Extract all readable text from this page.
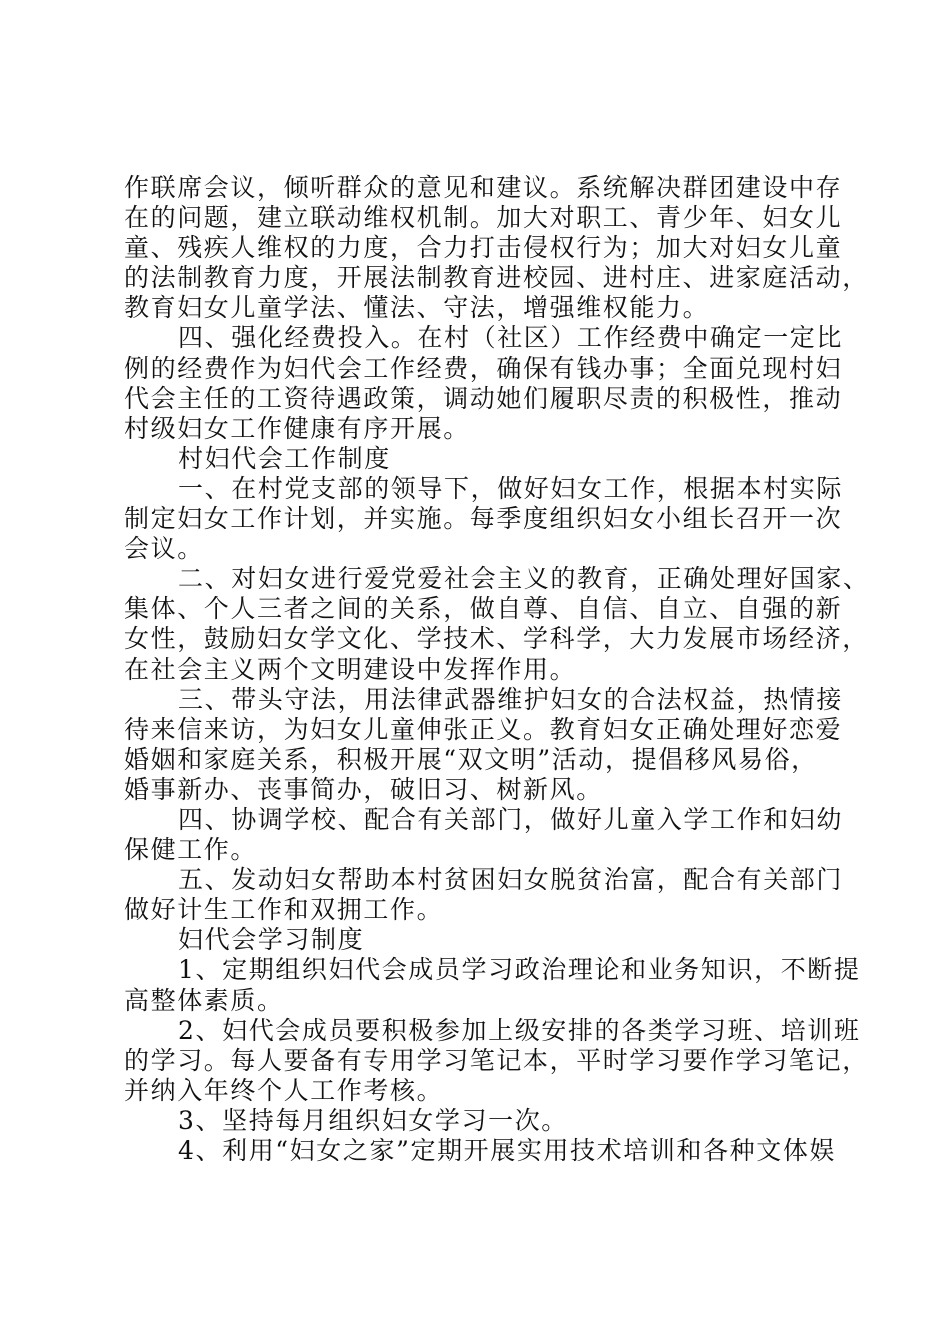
作联席会议，倾听群众的意见和建议。系统解决群团建设中存
在的问题，建立联动维权机制。加大对职工、青少年、妇女儿
童、残疾人维权的力度，合力打击侵权行为；加大对妇女儿童
的法制教育力度，开展法制教育进校园、进村庄、进家庭活动，
教育妇女儿童学法、懂法、守法，增强维权能力。
四、强化经费投入。在村（社区）工作经费中确定一定比
例的经费作为妇代会工作经费，确保有钱办事；全面兑现村妇
代会主任的工资待遇政策，调动她们履职尽责的积极性，推动
村级妇女工作健康有序开展。
村妇代会工作制度
一、在村党支部的领导下，做好妇女工作，根据本村实际
制定妇女工作计划，并实施。每季度组织妇女小组长召开一次
会议。
二、对妇女进行爱党爱社会主义的教育，正确处理好国家、
集体、个人三者之间的关系，做自尊、自信、自立、自强的新
女性，鼓励妇女学文化、学技术、学科学，大力发展市场经济，
在社会主义两个文明建设中发挥作用。
三、带头守法，用法律武器维护妇女的合法权益，热情接
待来信来访，为妇女儿童伸张正义。教育妇女正确处理好恋爱
婚姻和家庭关系，积极开展“双文明”活动，提倡移风易俗，
婚事新办、丧事简办，破旧习、树新风。
四、协调学校、配合有关部门，做好儿童入学工作和妇幼
保健工作。
五、发动妇女帮助本村贫困妇女脱贫治富，配合有关部门
做好计生工作和双拥工作。
妇代会学习制度
1、定期组织妇代会成员学习政治理论和业务知识，不断提
高整体素质。
2、妇代会成员要积极参加上级安排的各类学习班、培训班
的学习。每人要备有专用学习笔记本，平时学习要作学习笔记，
并纳入年终个人工作考核。
3、坚持每月组织妇女学习一次。
4、利用“妇女之家”定期开展实用技术培训和各种文体娱
